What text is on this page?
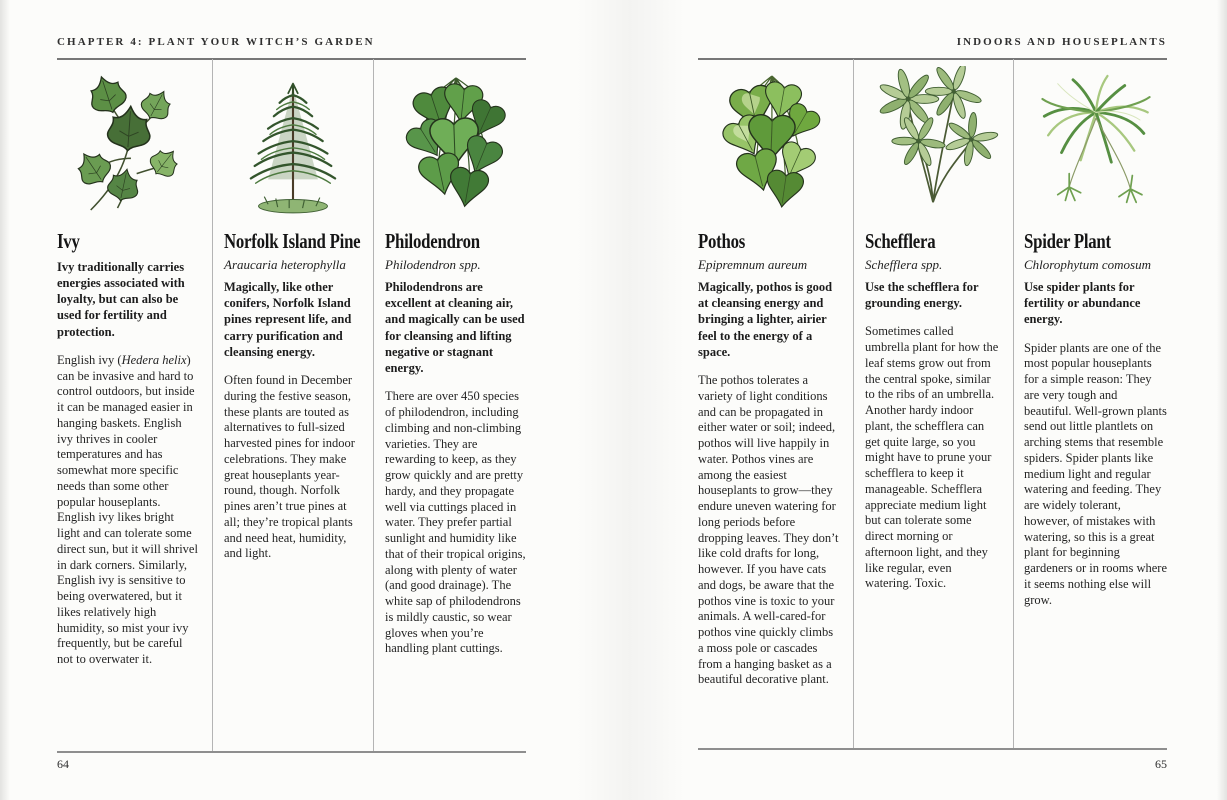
CHAPTER 4: PLANT YOUR WITCH’S GARDEN	INDOORS AND HOUSEPLANTS
Ivy
Ivy traditionally carries energies associated with loyalty, but can also be used for fertility and protection.
English ivy (Hedera helix) can be invasive and hard to control outdoors, but inside it can be managed easier in hanging baskets. English ivy thrives in cooler temperatures and has somewhat more specific needs than some other popular houseplants. English ivy likes bright light and can tolerate some direct sun, but it will shrivel in dark corners. Similarly, English ivy is sensitive to being overwatered, but it likes relatively high humidity, so mist your ivy frequently, but be careful not to overwater it.
Norfolk Island Pine
Araucaria heterophylla
Magically, like other conifers, Norfolk Island pines represent life, and carry purification and cleansing energy.
Often found in December during the festive season, these plants are touted as alternatives to full-sized harvested pines for indoor celebrations. They make great houseplants year-round, though. Norfolk pines aren’t true pines at all; they’re tropical plants and need heat, humidity, and light.
Philodendron
Philodendron spp.
Philodendrons are excellent at cleaning air, and magically can be used for cleansing and lifting negative or stagnant energy.
There are over 450 species of philodendron, including climbing and non-climbing varieties. They are rewarding to keep, as they grow quickly and are pretty hardy, and they propagate well via cuttings placed in water. They prefer partial sunlight and humidity like that of their tropical origins, along with plenty of water (and good drainage). The white sap of philodendrons is mildly caustic, so wear gloves when you’re handling plant cuttings.
64
Pothos
Epipremnum aureum
Magically, pothos is good at cleansing energy and bringing a lighter, airier feel to the energy of a space.
The pothos tolerates a variety of light conditions and can be propagated in either water or soil; indeed, pothos will live happily in water. Pothos vines are among the easiest houseplants to grow—they endure uneven watering for long periods before dropping leaves. They don’t like cold drafts for long, however. If you have cats and dogs, be aware that the pothos vine is toxic to your animals. A well-cared-for pothos vine quickly climbs a moss pole or cascades from a hanging basket as a beautiful decorative plant.
Schefflera
Schefflera spp.
Use the schefflera for grounding energy.
Sometimes called umbrella plant for how the leaf stems grow out from the central spoke, similar to the ribs of an umbrella. Another hardy indoor plant, the schefflera can get quite large, so you might have to prune your schefflera to keep it manageable. Schefflera appreciate medium light but can tolerate some direct morning or afternoon light, and they like regular, even watering. Toxic.
Spider Plant
Chlorophytum comosum
Use spider plants for fertility or abundance energy.
Spider plants are one of the most popular houseplants for a simple reason: They are very tough and beautiful. Well-grown plants send out little plantlets on arching stems that resemble spiders. Spider plants like medium light and regular watering and feeding. They are widely tolerant, however, of mistakes with watering, so this is a great plant for beginning gardeners or in rooms where it seems nothing else will grow.
65
